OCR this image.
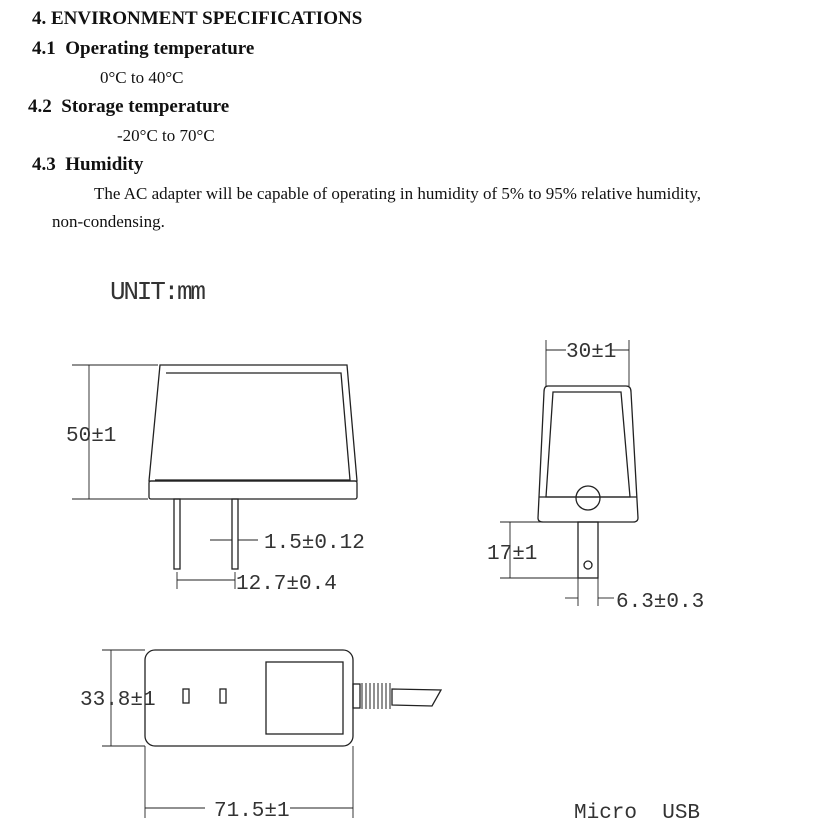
4. ENVIRONMENT SPECIFICATIONS
4.1  Operating temperature
0°C to 40°C
4.2  Storage temperature
-20°C to 70°C
4.3  Humidity
The AC adapter will be capable of operating in humidity of 5% to 95% relative humidity,
non-condensing.
UNIT:mm
50±1
1.5±0.12
12.7±0.4
30±1
17±1
6.3±0.3
33.8±1
71.5±1	Micro  USB
